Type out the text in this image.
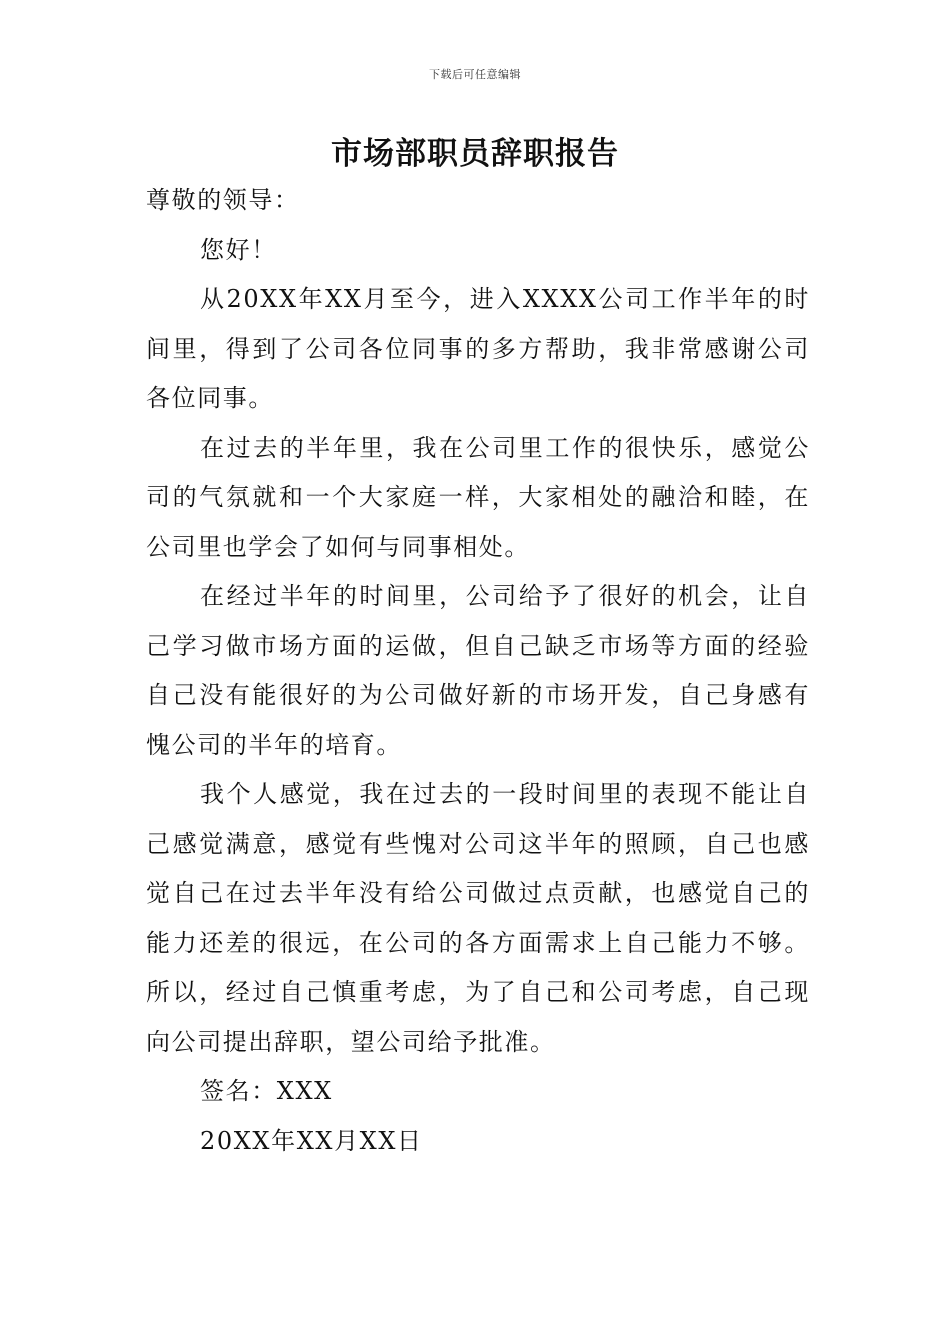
下载后可任意编辑
市场部职员辞职报告

尊敬的领导：

您好！

从20XX年XX月至今，进入XXXX公司工作半年的时间里，得到了公司各位同事的多方帮助，我非常感谢公司各位同事。

在过去的半年里，我在公司里工作的很快乐，感觉公司的气氛就和一个大家庭一样，大家相处的融洽和睦，在公司里也学会了如何与同事相处。

在经过半年的时间里，公司给予了很好的机会，让自己学习做市场方面的运做，但自己缺乏市场等方面的经验自己没有能很好的为公司做好新的市场开发，自己身感有愧公司的半年的培育。

我个人感觉，我在过去的一段时间里的表现不能让自己感觉满意，感觉有些愧对公司这半年的照顾，自己也感觉自己在过去半年没有给公司做过点贡献，也感觉自己的能力还差的很远，在公司的各方面需求上自己能力不够。所以，经过自己慎重考虑，为了自己和公司考虑，自己现向公司提出辞职，望公司给予批准。

签名：XXX

20XX年XX月XX日
